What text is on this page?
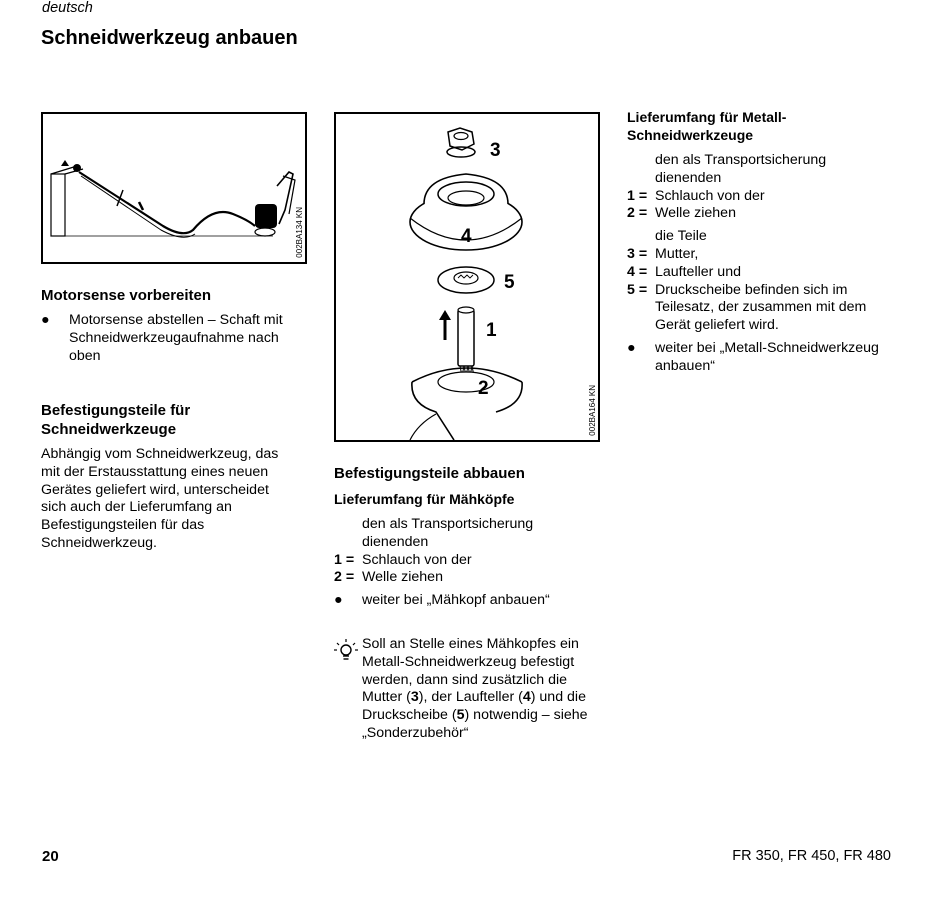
deutsch
Schneidwerkzeug anbauen
002BA134 KN
3
4
5
1
2	002BA164 KN
Motorsense vorbereiten
● Motorsense abstellen – Schaft mit
Schneidwerkzeugaufnahme nach
oben
Befestigungsteile für
Schneidwerkzeuge
Abhängig vom Schneidwerkzeug, das
mit der Erstausstattung eines neuen
Gerätes geliefert wird, unterscheidet
sich auch der Lieferumfang an
Befestigungsteilen für das
Schneidwerkzeug.
Befestigungsteile abbauen
Lieferumfang für Mähköpfe
den als Transportsicherung
dienenden
1 = Schlauch von der
2 = Welle ziehen
● weiter bei „Mähkopf anbauen“
Soll an Stelle eines Mähkopfes ein
Metall-Schneidwerkzeug befestigt
werden, dann sind zusätzlich die
Mutter (3), der Laufteller (4) und die
Druckscheibe (5) notwendig – siehe
„Sonderzubehör“
Lieferumfang für Metall-
Schneidwerkzeuge
den als Transportsicherung
dienenden
1 = Schlauch von der
2 = Welle ziehen
die Teile
3 = Mutter,
4 = Laufteller und
5 = Druckscheibe befinden sich im
Teilesatz, der zusammen mit dem
Gerät geliefert wird.
● weiter bei „Metall-Schneidwerkzeug
anbauen“
20	FR 350, FR 450, FR 480
